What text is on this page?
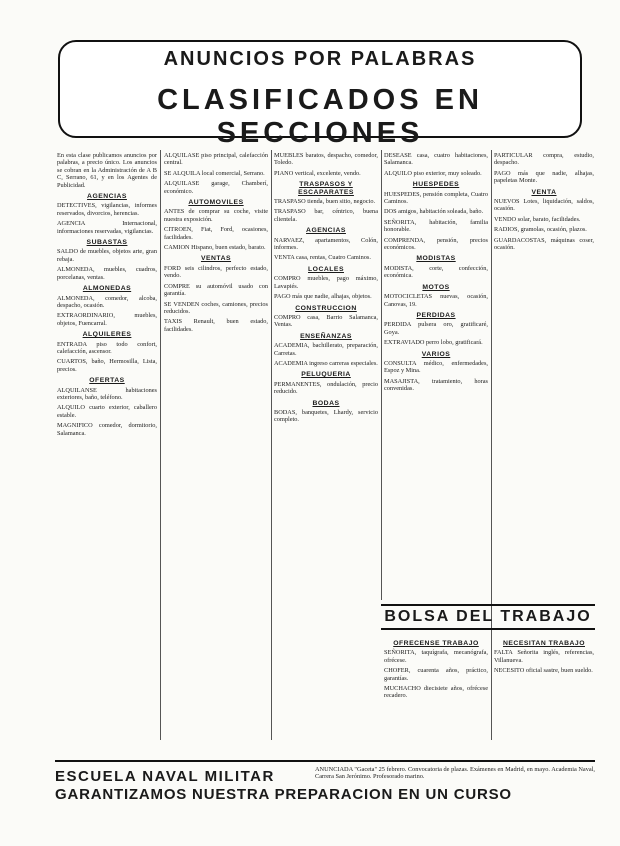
ANUNCIOS POR PALABRAS
CLASIFICADOS EN SECCIONES
En esta clase publicamos anuncios por palabras, a precio único. Los anuncios se cobran en la Administración de A B C, Serrano, 61, y en los Agentes de Publicidad.
AGENCIAS
DETECTIVES, vigilancias, informes reservados, divorcios, herencias.
AGENCIA Internacional, informaciones reservadas, vigilancias.
SUBASTAS
SALDO de muebles, objetos arte, gran rebaja.
ALMONEDA, muebles, cuadros, porcelanas, ventas.
ALMONEDAS
ALMONEDA, comedor, alcoba, despacho, ocasión.
EXTRAORDINARIO, muebles, objetos, Fuencarral.
ALQUILERES
ENTRADA piso todo confort, calefacción, ascensor.
CUARTOS, baño, Hermosilla, Lista, precios.
OFERTAS
ALQUILANSE habitaciones exteriores, baño, teléfono.
ALQUILO cuarto exterior, caballero estable.
MAGNIFICO comedor, dormitorio, Salamanca.
ALQUILASE piso principal, calefacción central.
SE ALQUILA local comercial, Serrano.
ALQUILASE garage, Chamberí, económico.
AUTOMOVILES
ANTES de comprar su coche, visite nuestra exposición.
CITROEN, Fiat, Ford, ocasiones, facilidades.
CAMION Hispano, buen estado, barato.
VENTAS
FORD seis cilindros, perfecto estado, vendo.
COMPRE su automóvil usado con garantía.
SE VENDEN coches, camiones, precios reducidos.
TAXIS Renault, buen estado, facilidades.
MUEBLES baratos, despacho, comedor, Toledo.
PIANO vertical, excelente, vendo.
TRASPASOS Y ESCAPARATES
TRASPASO tienda, buen sitio, negocio.
TRASPASO bar, céntrico, buena clientela.
AGENCIAS
NARVAEZ, apartamentos, Colón, informes.
VENTA casa, rentas, Cuatro Caminos.
LOCALES
COMPRO muebles, pago máximo, Lavapiés.
PAGO más que nadie, alhajas, objetos.
CONSTRUCCION
COMPRO casa, Barrio Salamanca, Ventas.
ENSEÑANZAS
ACADEMIA, bachillerato, preparación, Carretas.
ACADEMIA ingreso carreras especiales.
PELUQUERIA
PERMANENTES, ondulación, precio reducido.
BODAS
BODAS, banquetes, Lhardy, servicio completo.
DESEASE casa, cuatro habitaciones, Salamanca.
ALQUILO piso exterior, muy soleado.
HUESPEDES
HUESPEDES, pensión completa, Cuatro Caminos.
DOS amigos, habitación soleada, baño.
SEÑORITA, habitación, familia honorable.
COMPRENDA, pensión, precios económicos.
MODISTAS
MODISTA, corte, confección, económica.
MOTOS
MOTOCICLETAS nuevas, ocasión, Canovas, 19.
PERDIDAS
PERDIDA pulsera oro, gratificaré, Goya.
EXTRAVIADO perro lobo, gratificará.
VARIOS
CONSULTA médico, enfermedades, Espoz y Mina.
MASAJISTA, tratamiento, horas convenidas.
PARTICULAR compra, estudio, despacho.
PAGO más que nadie, alhajas, papeletas Monte.
VENTA
NUEVOS Lotes, liquidación, saldos, ocasión.
VENDO solar, barato, facilidades.
RADIOS, gramolas, ocasión, plazos.
GUARDACOSTAS, máquinas coser, ocasión.
BOLSA DEL TRABAJO
OFRECENSE TRABAJO
SEÑORITA, taquígrafa, mecanógrafa, ofrécese.
CHOFER, cuarenta años, práctico, garantías.
MUCHACHO diecisiete años, ofrécese recadero.
NECESITAN TRABAJO
FALTA Señorita inglés, referencias, Villanueva.
NECESITO oficial sastre, buen sueldo.
ESCUELA NAVAL MILITAR	ANUNCIADA "Gaceta" 25 febrero. Convocatoria de plazas. Exámenes en Madrid, en mayo. Academia Naval, Carrera San Jerónimo. Profesorado marino.
GARANTIZAMOS NUESTRA PREPARACION EN UN CURSO
